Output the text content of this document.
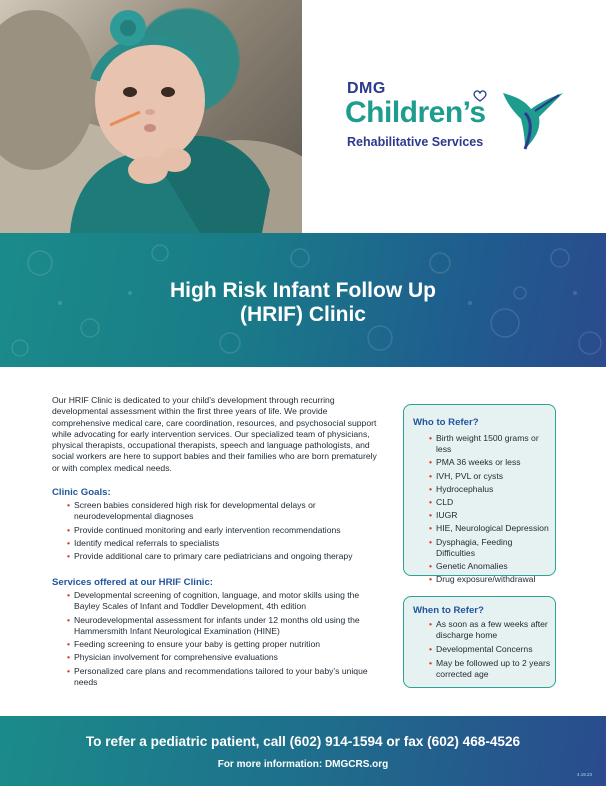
DMG
Children’s
Rehabilitative Services
High Risk Infant Follow Up
(HRIF) Clinic

Our HRIF Clinic is dedicated to your child’s development through recurring developmental assessment within the first three years of life. We provide comprehensive medical care, care coordination, resources, and psychosocial support while advocating for early intervention services. Our specialized team of physicians, physical therapists, occupational therapists, speech and language pathologists, and social workers are here to support babies and their families who are born prematurely or with complex medical needs.

Clinic Goals:
• Screen babies considered high risk for developmental delays or neurodevelopmental diagnoses
• Provide continued monitoring and early intervention recommendations
• Identify medical referrals to specialists
• Provide additional care to primary care pediatricians and ongoing therapy
Services offered at our HRIF Clinic:
• Developmental screening of cognition, language, and motor skills using the Bayley Scales of Infant and Toddler Development, 4th edition
• Neurodevelopmental assessment for infants under 12 months old using the Hammersmith Infant Neurological Examination (HINE)
• Feeding screening to ensure your baby is getting proper nutrition
• Physician involvement for comprehensive evaluations
• Personalized care plans and recommendations tailored to your baby’s unique needs
Who to Refer?
• Birth weight 1500 grams or less
• PMA 36 weeks or less
• IVH, PVL or cysts
• Hydrocephalus
• CLD
• IUGR
• HIE, Neurological Depression
• Dysphagia, Feeding Difficulties
• Genetic Anomalies
• Drug exposure/withdrawal
When to Refer?
• As soon as a few weeks after discharge home
• Developmental Concerns
• May be followed up to 2 years corrected age
To refer a pediatric patient, call (602) 914-1594 or fax (602) 468-4526
For more information: DMGCRS.org
4.19.23
